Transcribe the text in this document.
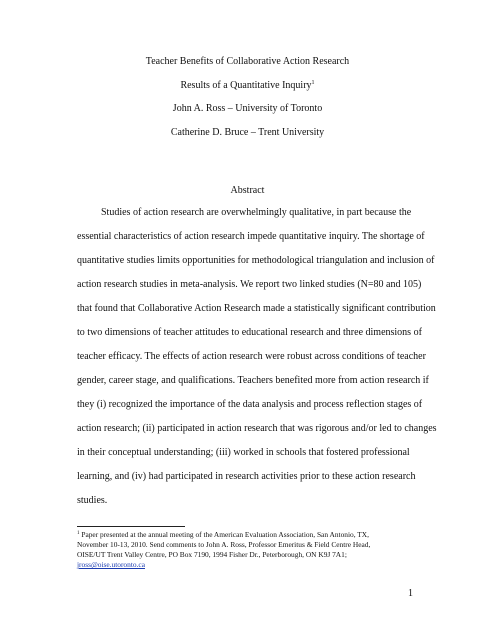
Teacher Benefits of Collaborative Action Research
Results of a Quantitative Inquiry$^1$
John A. Ross – University of Toronto
Catherine D. Bruce – Trent University
Abstract
Studies of action research are overwhelmingly qualitative, in part because the
essential characteristics of action research impede quantitative inquiry. The shortage of
quantitative studies limits opportunities for methodological triangulation and inclusion of
action research studies in meta-analysis. We report two linked studies (N=80 and 105)
that found that Collaborative Action Research made a statistically significant contribution
to two dimensions of teacher attitudes to educational research and three dimensions of
teacher efficacy. The effects of action research were robust across conditions of teacher
gender, career stage, and qualifications. Teachers benefited more from action research if
they (i) recognized the importance of the data analysis and process reflection stages of
action research; (ii) participated in action research that was rigorous and/or led to changes
in their conceptual understanding; (iii) worked in schools that fostered professional
learning, and (iv) had participated in research activities prior to these action research
studies.
$^1$ Paper presented at the annual meeting of the American Evaluation Association, San Antonio, TX,
November 10-13, 2010. Send comments to John A. Ross, Professor Emeritus & Field Centre Head,
OISE/UT Trent Valley Centre, PO Box 7190, 1994 Fisher Dr., Peterborough, ON K9J 7A1;
jross@oise.utoronto.ca
1
